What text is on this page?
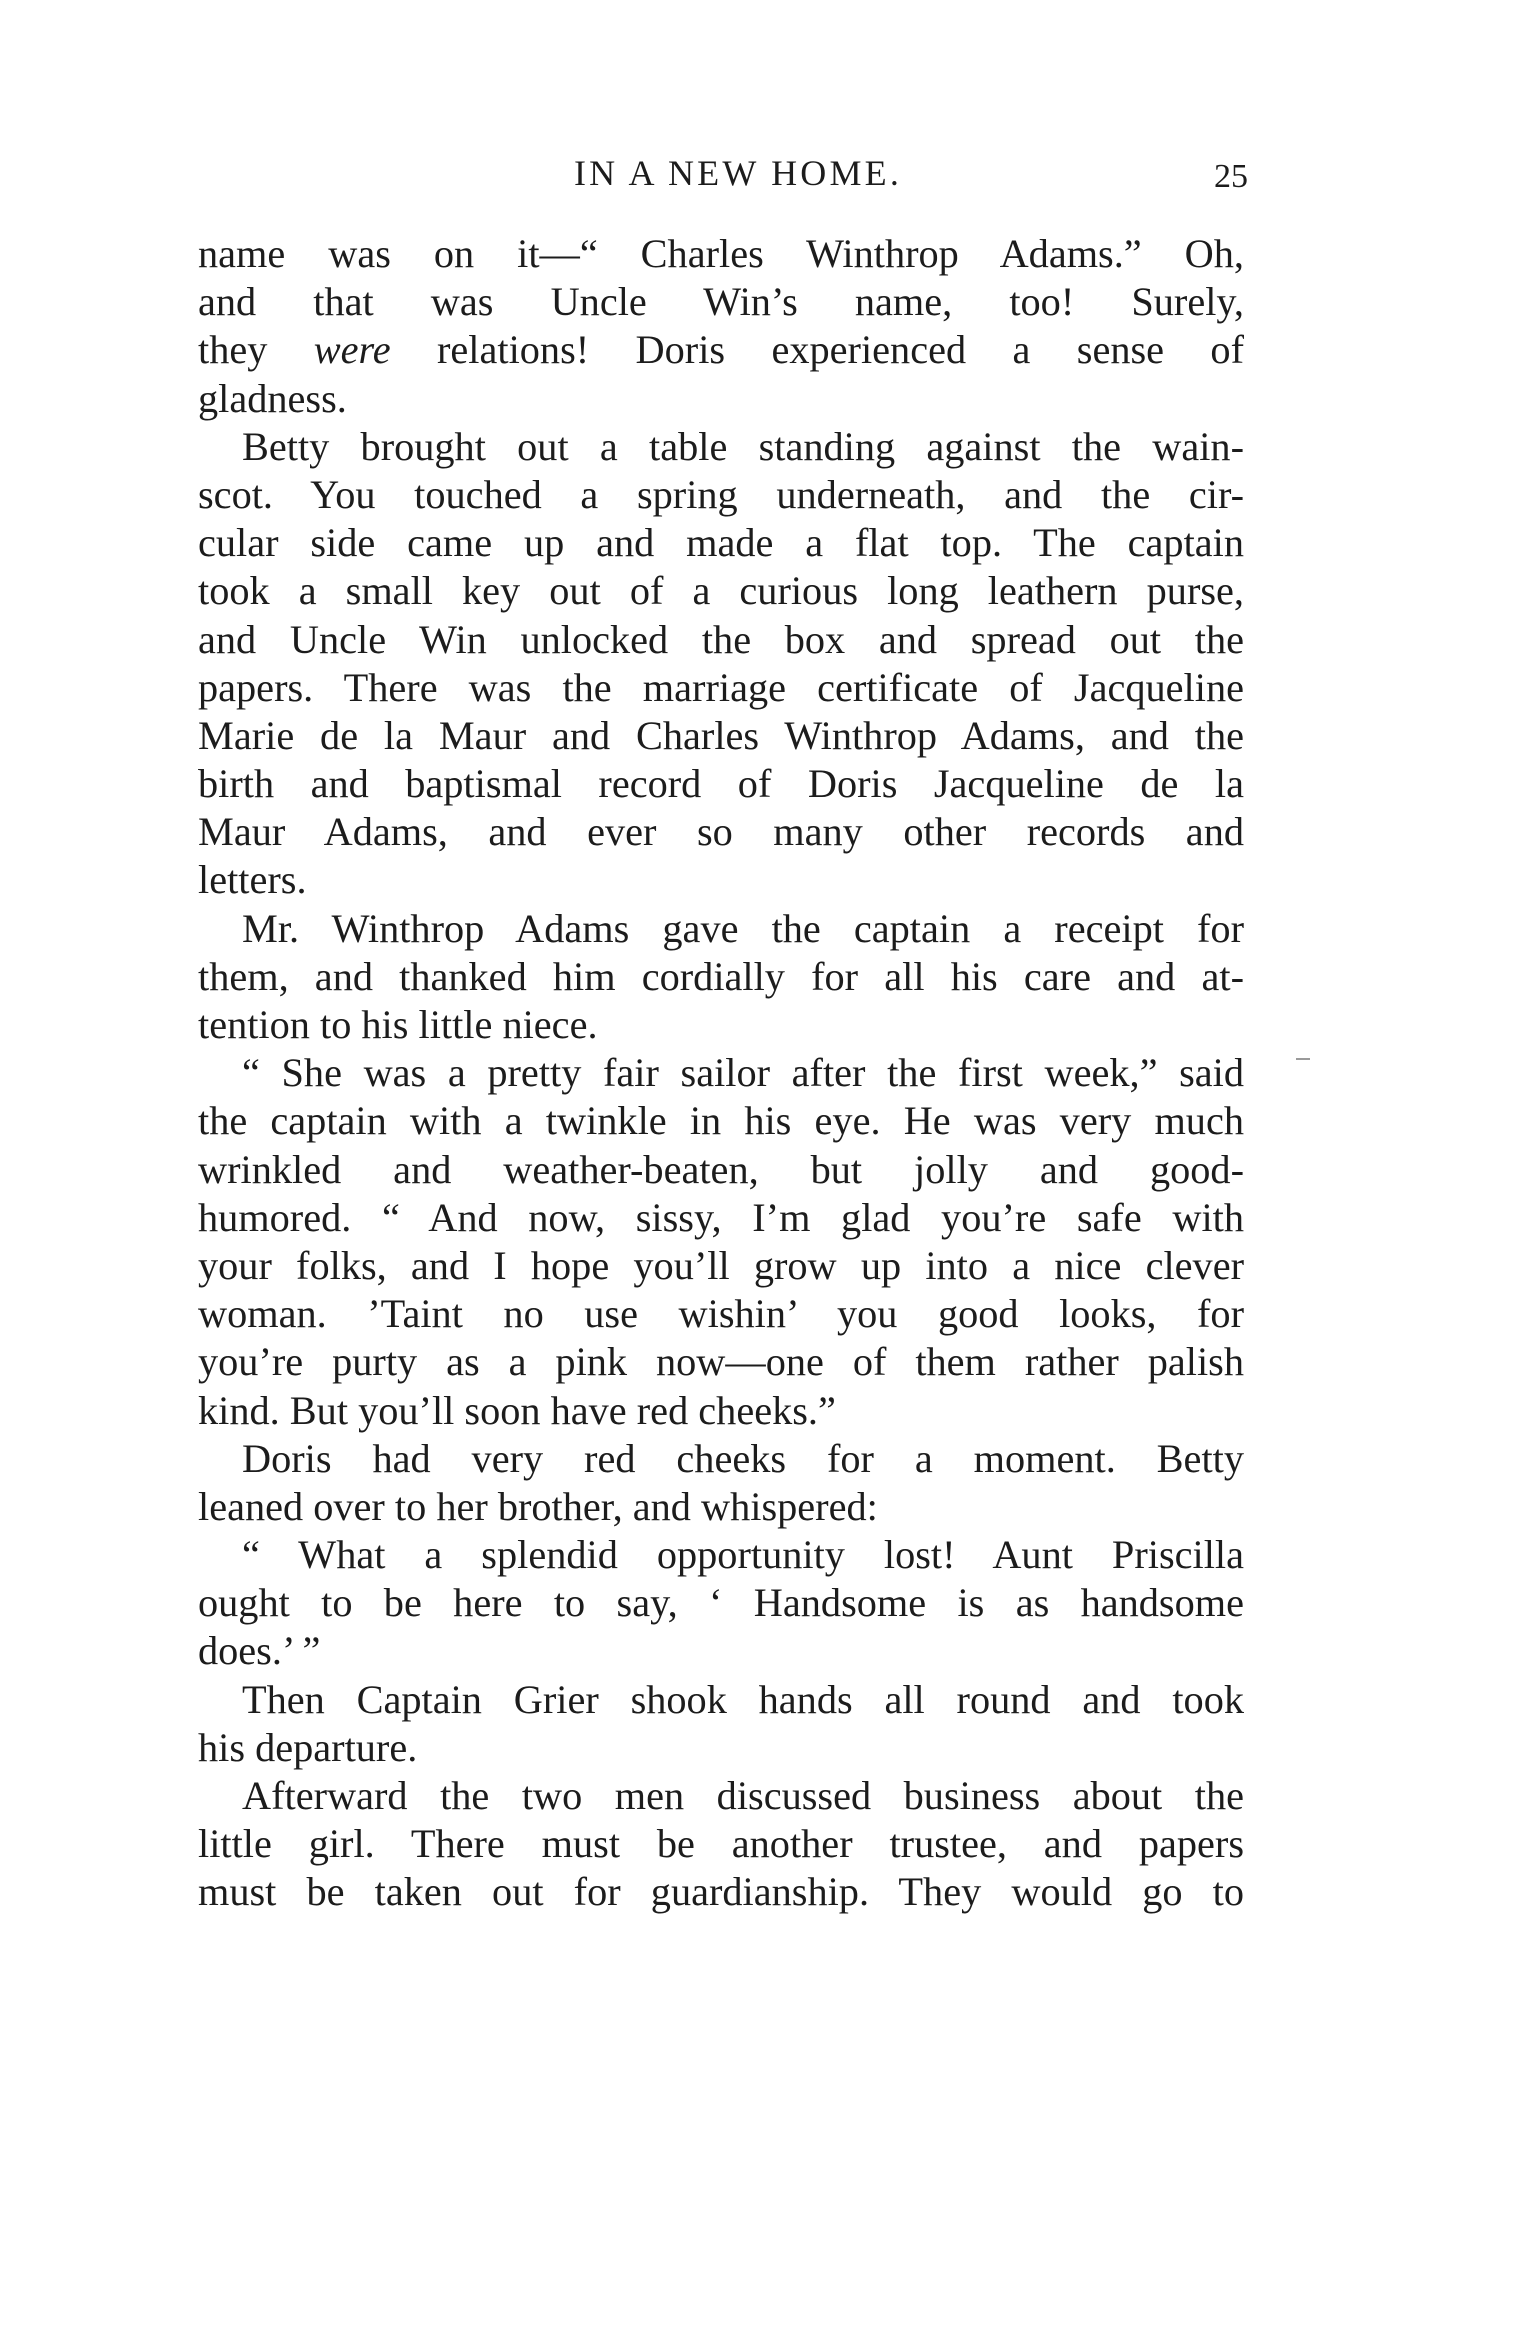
IN A NEW HOME.	25
name was on it—“ Charles Winthrop Adams.” Oh,
and that was Uncle Win’s name, too! Surely,
they were relations! Doris experienced a sense of
gladness.
Betty brought out a table standing against the wain-
scot. You touched a spring underneath, and the cir-
cular side came up and made a flat top. The captain
took a small key out of a curious long leathern purse,
and Uncle Win unlocked the box and spread out the
papers. There was the marriage certificate of Jacqueline
Marie de la Maur and Charles Winthrop Adams, and the
birth and baptismal record of Doris Jacqueline de la
Maur Adams, and ever so many other records and
letters.
Mr. Winthrop Adams gave the captain a receipt for
them, and thanked him cordially for all his care and at-
tention to his little niece.
“ She was a pretty fair sailor after the first week,” said
the captain with a twinkle in his eye. He was very much
wrinkled and weather-beaten, but jolly and good-
humored. “ And now, sissy, I’m glad you’re safe with
your folks, and I hope you’ll grow up into a nice clever
woman. ’Taint no use wishin’ you good looks, for
you’re purty as a pink now—one of them rather palish
kind. But you’ll soon have red cheeks.”
Doris had very red cheeks for a moment. Betty
leaned over to her brother, and whispered:
“ What a splendid opportunity lost! Aunt Priscilla
ought to be here to say, ‘ Handsome is as handsome
does.’ ”
Then Captain Grier shook hands all round and took
his departure.
Afterward the two men discussed business about the
little girl. There must be another trustee, and papers
must be taken out for guardianship. They would go to
